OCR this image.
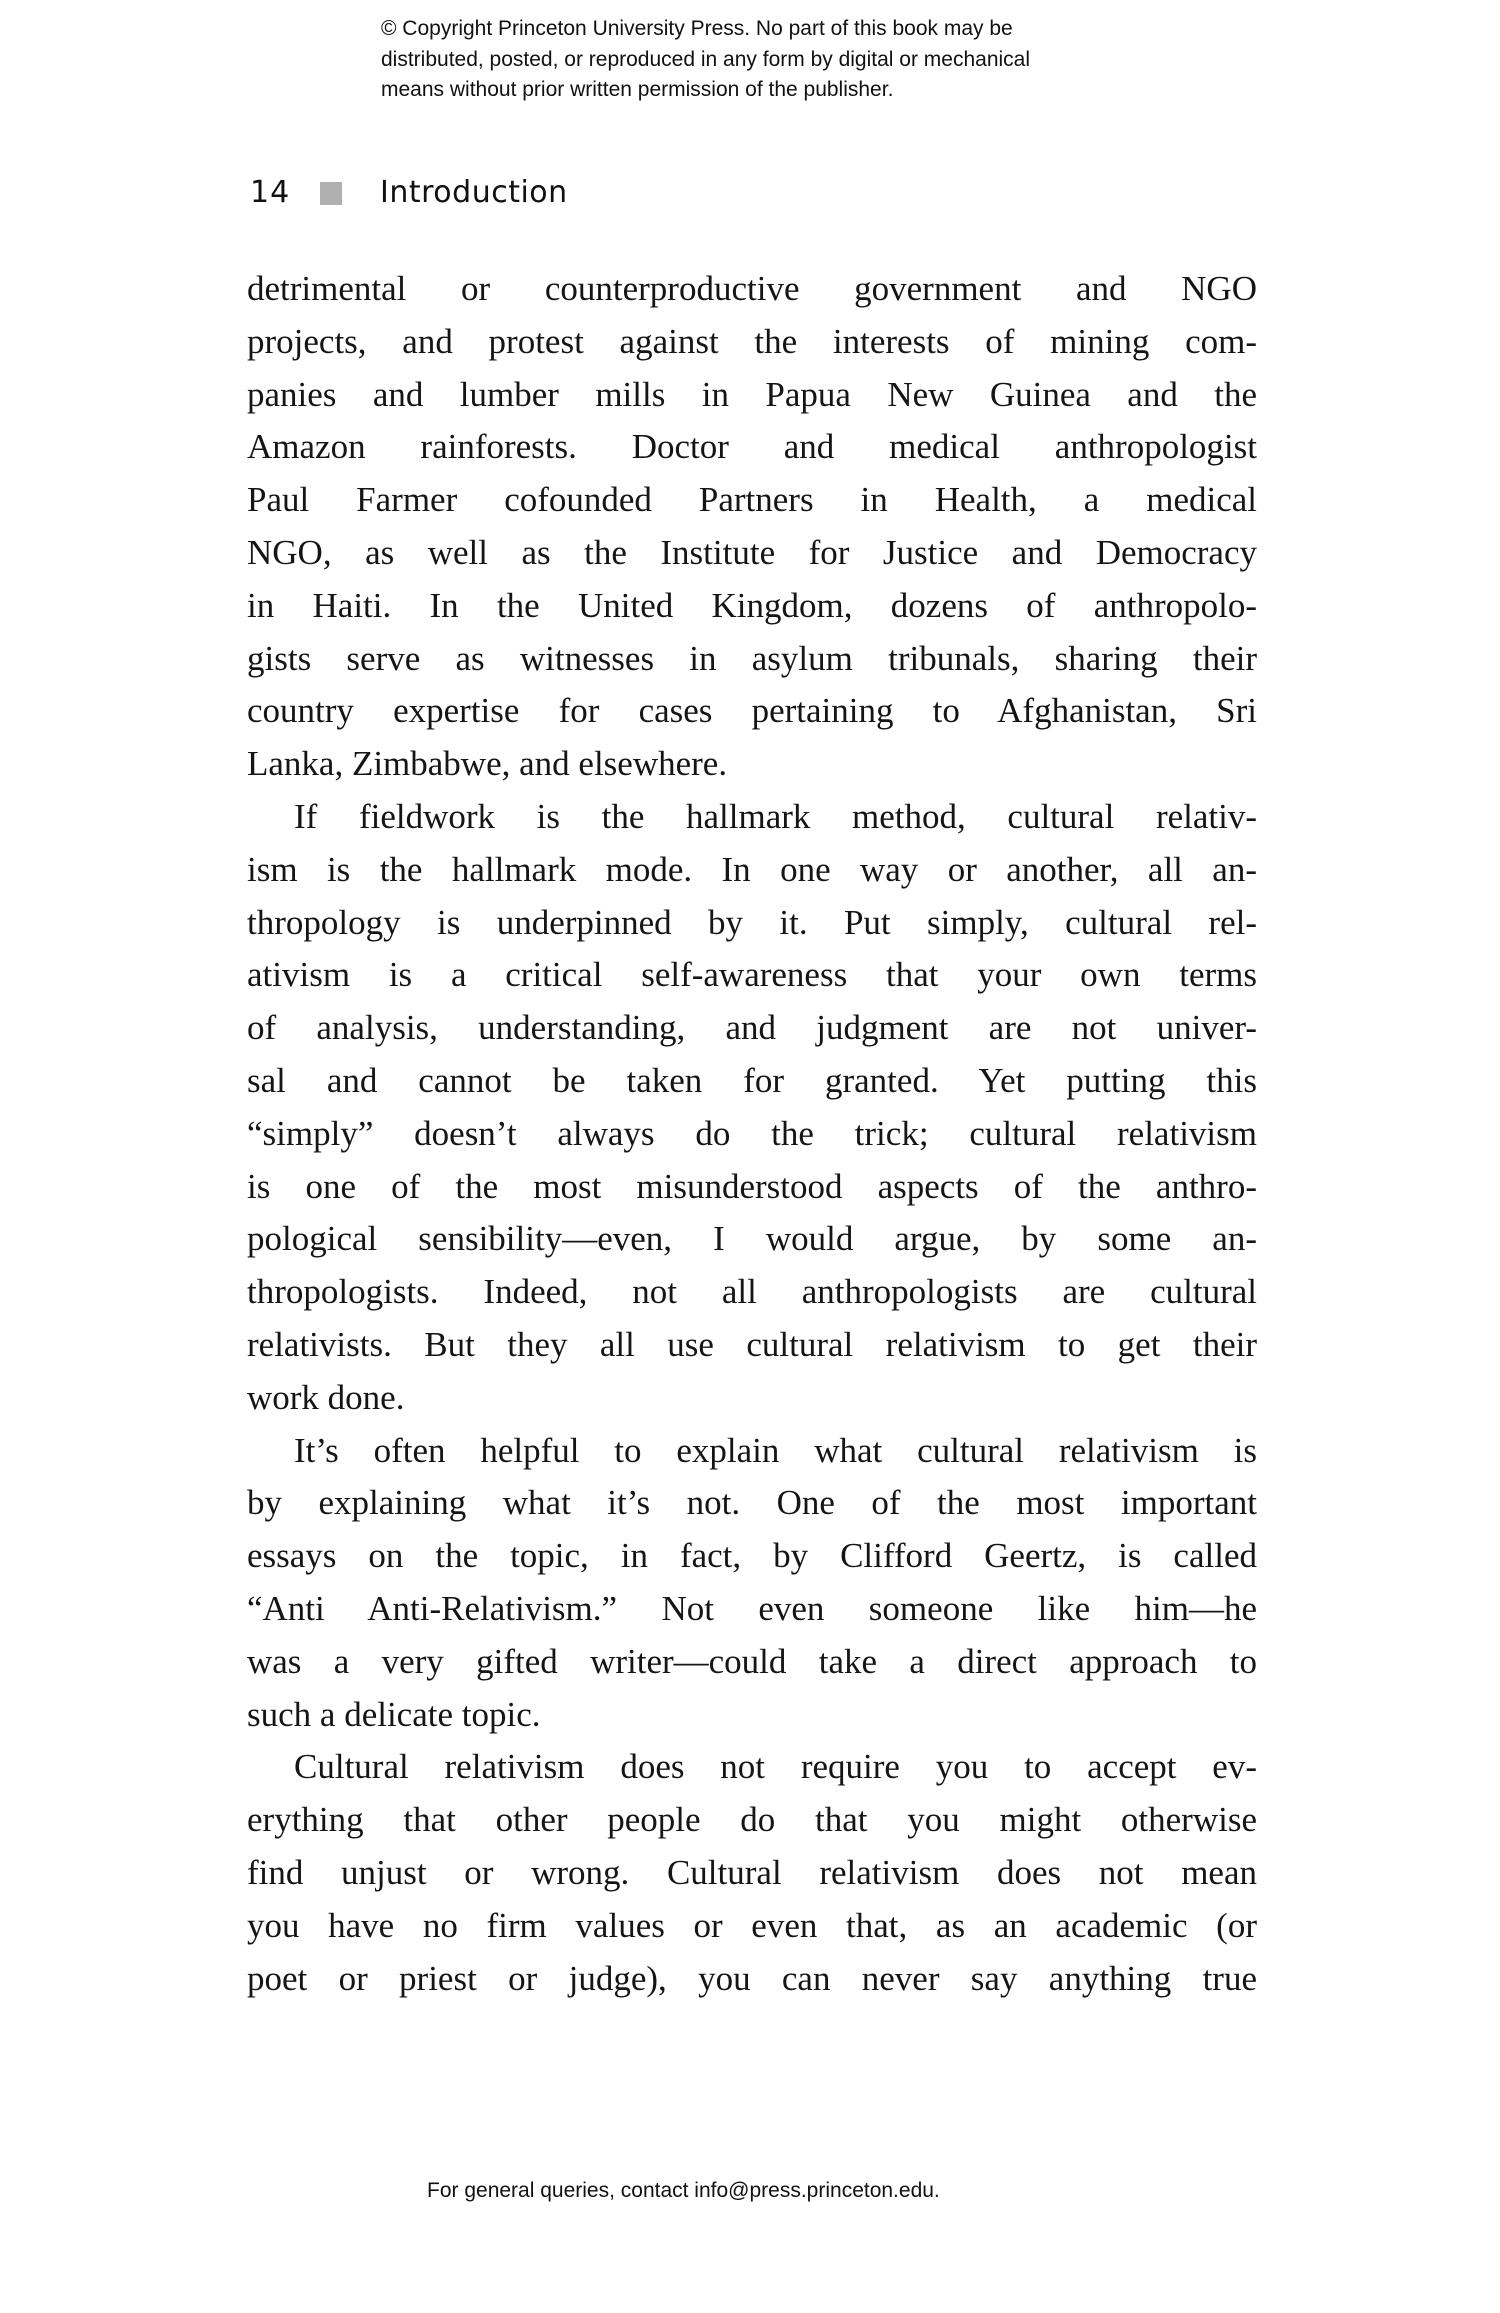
© Copyright Princeton University Press. No part of this book may be
distributed, posted, or reproduced in any form by digital or mechanical
means without prior written permission of the publisher.
14	Introduction
detrimental or counterproductive government and NGO
projects, and protest against the interests of mining com-
panies and lumber mills in Papua New Guinea and the
Amazon rainforests. Doctor and medical anthropologist
Paul Farmer cofounded Partners in Health, a medical
NGO, as well as the Institute for Justice and Democracy
in Haiti. In the United Kingdom, dozens of anthropolo-
gists serve as witnesses in asylum tribunals, sharing their
country expertise for cases pertaining to Afghanistan, Sri
Lanka, Zimbabwe, and elsewhere.
If fieldwork is the hallmark method, cultural relativ-
ism is the hallmark mode. In one way or another, all an-
thropology is underpinned by it. Put simply, cultural rel-
ativism is a critical self-awareness that your own terms
of analysis, understanding, and judgment are not univer-
sal and cannot be taken for granted. Yet putting this
“simply” doesn’t always do the trick; cultural relativism
is one of the most misunderstood aspects of the anthro-
pological sensibility—even, I would argue, by some an-
thropologists. Indeed, not all anthropologists are cultural
relativists. But they all use cultural relativism to get their
work done.
It’s often helpful to explain what cultural relativism is
by explaining what it’s not. One of the most important
essays on the topic, in fact, by Clifford Geertz, is called
“Anti Anti-Relativism.” Not even someone like him—he
was a very gifted writer—could take a direct approach to
such a delicate topic.
Cultural relativism does not require you to accept ev-
erything that other people do that you might otherwise
find unjust or wrong. Cultural relativism does not mean
you have no firm values or even that, as an academic (or
poet or priest or judge), you can never say anything true
For general queries, contact info@press.princeton.edu.
